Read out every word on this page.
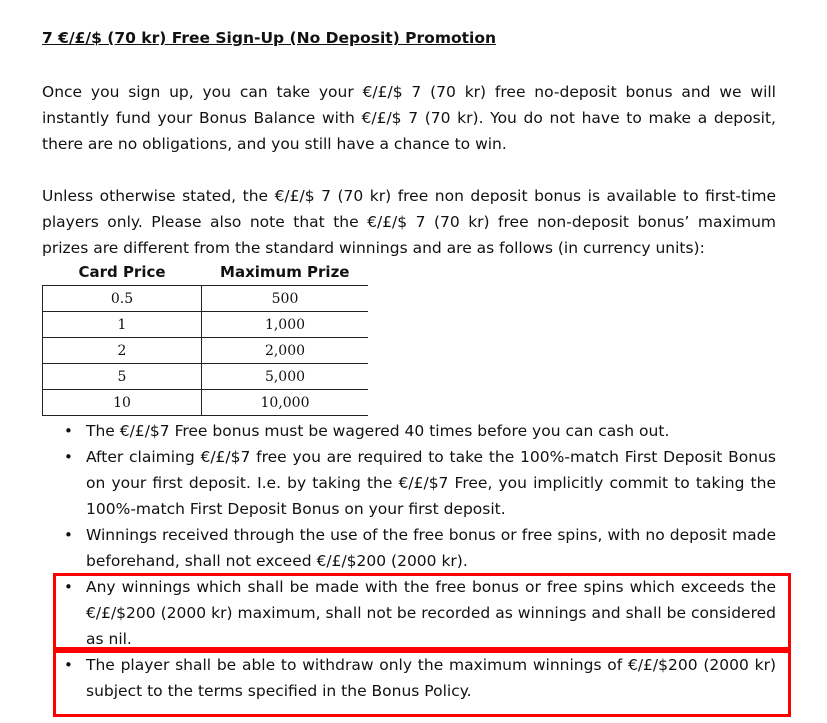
7 €/£/$ (70 kr) Free Sign-Up (No Deposit) Promotion

Once you sign up, you can take your €/£/$ 7 (70 kr) free no-deposit bonus and we will instantly fund your Bonus Balance with €/£/$ 7 (70 kr). You do not have to make a deposit, there are no obligations, and you still have a chance to win.

Unless otherwise stated, the €/£/$ 7 (70 kr) free non deposit bonus is available to first-time players only. Please also note that the €/£/$ 7 (70 kr) free non-deposit bonus’ maximum prizes are different from the standard winnings and are as follows (in currency units):

Card Price	Maximum Prize
0.5	500
1	1,000
2	2,000
5	5,000
10	10,000
• The €/£/$7 Free bonus must be wagered 40 times before you can cash out.
• After claiming €/£/$7 free you are required to take the 100%-match First Deposit Bonus on your first deposit. I.e. by taking the €/£/$7 Free, you implicitly commit to taking the 100%-match First Deposit Bonus on your first deposit.
• Winnings received through the use of the free bonus or free spins, with no deposit made beforehand, shall not exceed €/£/$200 (2000 kr).
• Any winnings which shall be made with the free bonus or free spins which exceeds the €/£/$200 (2000 kr) maximum, shall not be recorded as winnings and shall be considered as nil.
• The player shall be able to withdraw only the maximum winnings of €/£/$200 (2000 kr) subject to the terms specified in the Bonus Policy.
